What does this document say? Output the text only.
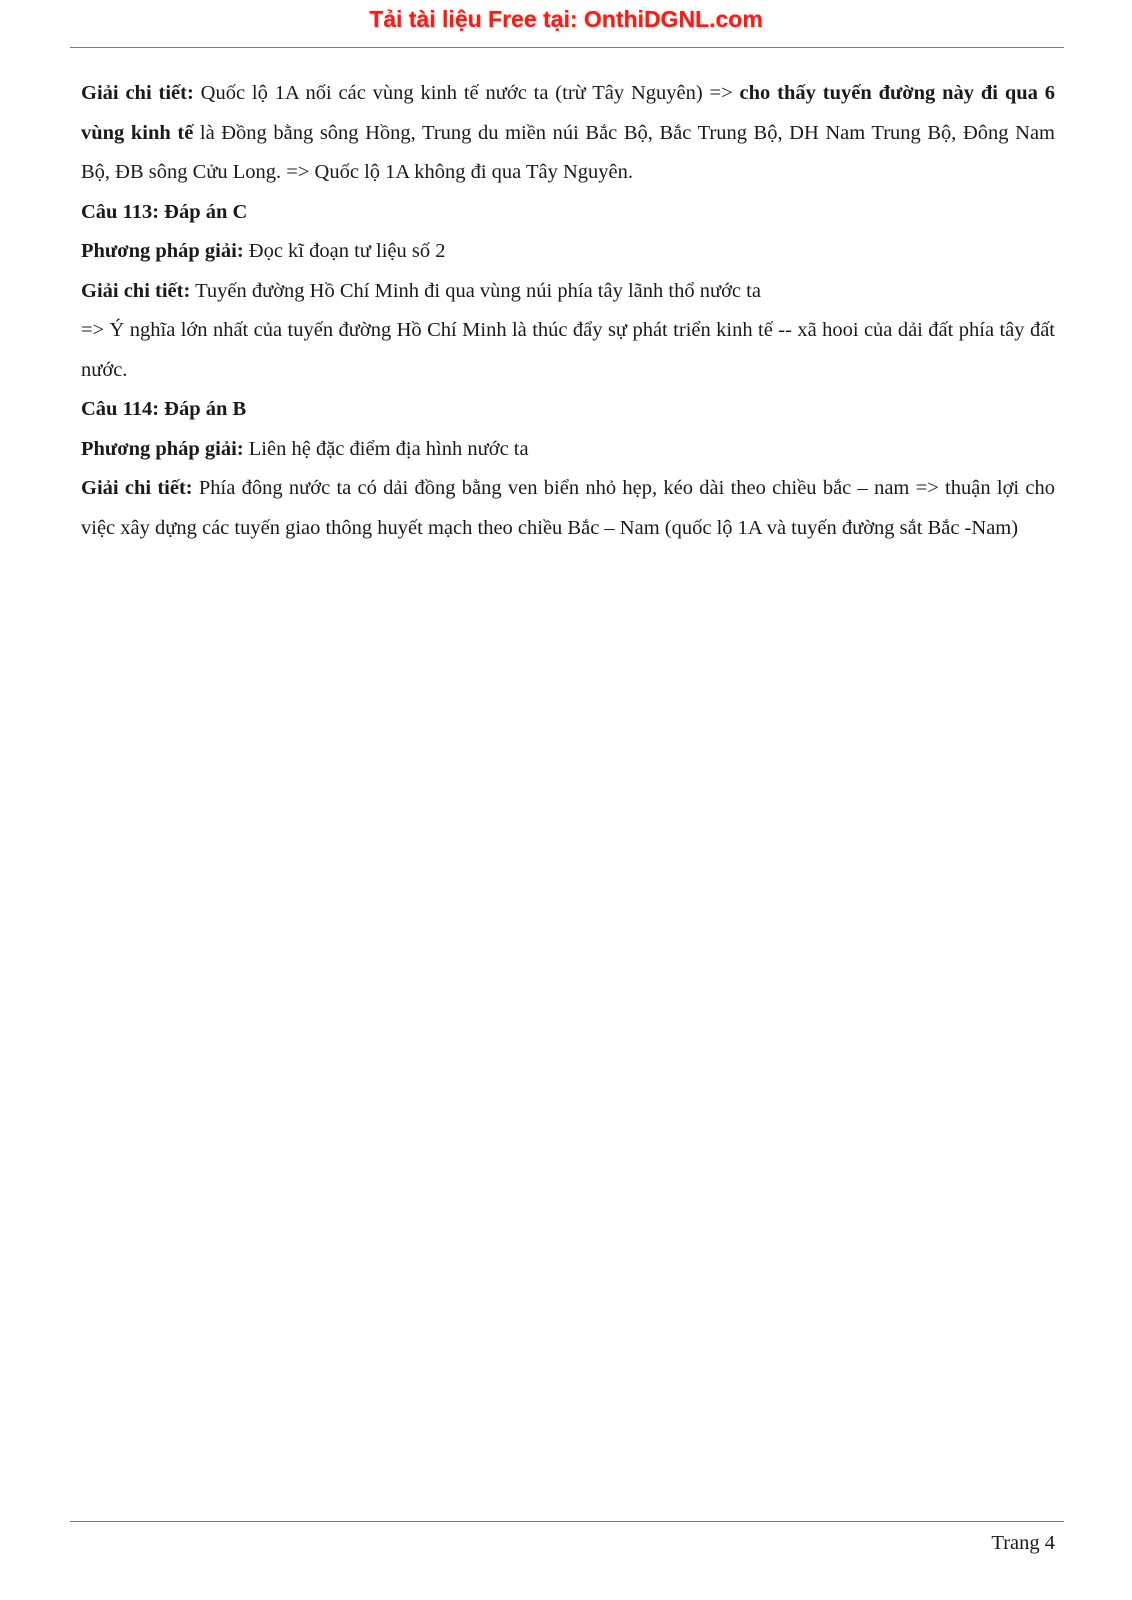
Tải tài liệu Free tại: OnthiDGNL.com

Giải chi tiết: Quốc lộ 1A nối các vùng kinh tế nước ta (trừ Tây Nguyên) => cho thấy tuyến đường này đi qua 6 vùng kinh tế là Đồng bằng sông Hồng, Trung du miền núi Bắc Bộ, Bắc Trung Bộ, DH Nam Trung Bộ, Đông Nam Bộ, ĐB sông Cửu Long. => Quốc lộ 1A không đi qua Tây Nguyên.

Câu 113: Đáp án C

Phương pháp giải: Đọc kĩ đoạn tư liệu số 2

Giải chi tiết: Tuyến đường Hồ Chí Minh đi qua vùng núi phía tây lãnh thổ nước ta

=> Ý nghĩa lớn nhất của tuyến đường Hồ Chí Minh là thúc đẩy sự phát triển kinh tế -- xã hooi của dải đất phía tây đất nước.

Câu 114: Đáp án B

Phương pháp giải: Liên hệ đặc điểm địa hình nước ta

Giải chi tiết: Phía đông nước ta có dải đồng bằng ven biển nhỏ hẹp, kéo dài theo chiều bắc – nam => thuận lợi cho việc xây dựng các tuyến giao thông huyết mạch theo chiều Bắc – Nam (quốc lộ 1A và tuyến đường sắt Bắc -Nam)

Trang 4
